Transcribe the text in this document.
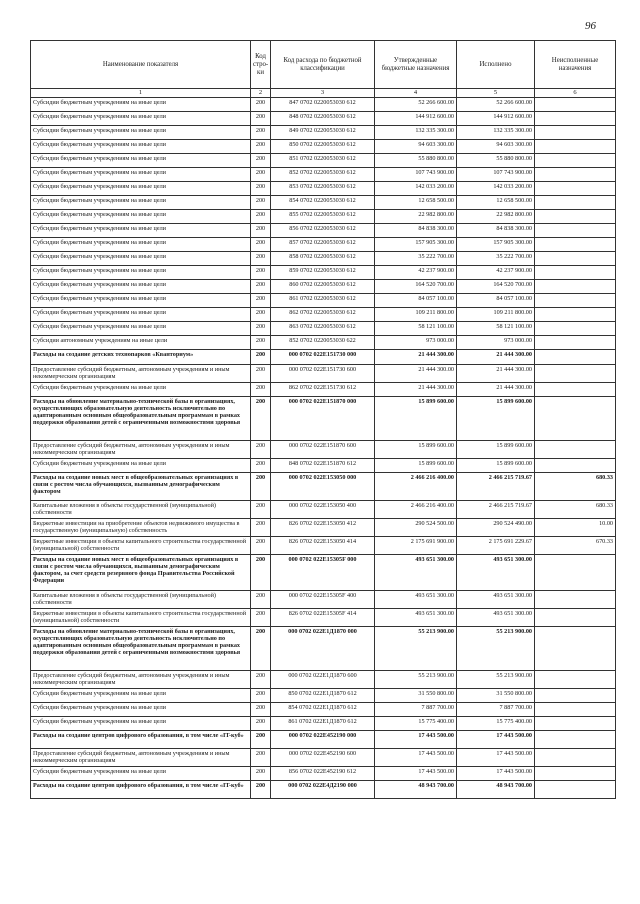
96
Наименование показателя	Код стро-ки	Код расхода по бюджетной классификации	Утвержденные бюджетные назначения	Исполнено	Неисполненные назначения
1	2	3	4	5	6
Субсидии бюджетным учреждениям на иные цели	200	847 0702 0220053030 612	52 266 600.00	52 266 600.00	
Субсидии бюджетным учреждениям на иные цели	200	848 0702 0220053030 612	144 912 600.00	144 912 600.00	
Субсидии бюджетным учреждениям на иные цели	200	849 0702 0220053030 612	132 335 300.00	132 335 300.00	
Субсидии бюджетным учреждениям на иные цели	200	850 0702 0220053030 612	94 603 300.00	94 603 300.00	
Субсидии бюджетным учреждениям на иные цели	200	851 0702 0220053030 612	55 880 800.00	55 880 800.00	
Субсидии бюджетным учреждениям на иные цели	200	852 0702 0220053030 612	107 743 900.00	107 743 900.00	
Субсидии бюджетным учреждениям на иные цели	200	853 0702 0220053030 612	142 033 200.00	142 033 200.00	
Субсидии бюджетным учреждениям на иные цели	200	854 0702 0220053030 612	12 658 500.00	12 658 500.00	
Субсидии бюджетным учреждениям на иные цели	200	855 0702 0220053030 612	22 982 800.00	22 982 800.00	
Субсидии бюджетным учреждениям на иные цели	200	856 0702 0220053030 612	84 838 300.00	84 838 300.00	
Субсидии бюджетным учреждениям на иные цели	200	857 0702 0220053030 612	157 905 300.00	157 905 300.00	
Субсидии бюджетным учреждениям на иные цели	200	858 0702 0220053030 612	35 222 700.00	35 222 700.00	
Субсидии бюджетным учреждениям на иные цели	200	859 0702 0220053030 612	42 237 900.00	42 237 900.00	
Субсидии бюджетным учреждениям на иные цели	200	860 0702 0220053030 612	164 520 700.00	164 520 700.00	
Субсидии бюджетным учреждениям на иные цели	200	861 0702 0220053030 612	84 057 100.00	84 057 100.00	
Субсидии бюджетным учреждениям на иные цели	200	862 0702 0220053030 612	109 211 800.00	109 211 800.00	
Субсидии бюджетным учреждениям на иные цели	200	863 0702 0220053030 612	58 121 100.00	58 121 100.00	
Субсидии автономным учреждениям на иные цели	200	852 0702 0220053030 622	973 000.00	973 000.00	
Расходы на создание детских технопарков «Кванториум»	200	000 0702 022E151730 000	21 444 300.00	21 444 300.00	
Предоставление субсидий бюджетным, автономным учреждениям и иным некоммерческим организациям	200	000 0702 022E151730 600	21 444 300.00	21 444 300.00	
Субсидии бюджетным учреждениям на иные цели	200	862 0702 022E151730 612	21 444 300.00	21 444 300.00	
Расходы на обновление материально-технической базы в организациях, осуществляющих образовательную деятельность исключительно по адаптированным основным общеобразовательным программам в рамках поддержки образования детей с ограниченными возможностями здоровья	200	000 0702 022E151870 000	15 899 600.00	15 899 600.00	
Предоставление субсидий бюджетным, автономным учреждениям и иным некоммерческим организациям	200	000 0702 022E151870 600	15 899 600.00	15 899 600.00	
Субсидии бюджетным учреждениям на иные цели	200	848 0702 022E151870 612	15 899 600.00	15 899 600.00	
Расходы на создание новых мест в общеобразовательных организациях в связи с ростом числа обучающихся, вызванным демографическим фактором	200	000 0702 022E153050 000	2 466 216 400.00	2 466 215 719.67	680.33
Капитальные вложения в объекты государственной (муниципальной) собственности	200	000 0702 022E153050 400	2 466 216 400.00	2 466 215 719.67	680.33
Бюджетные инвестиции на приобретение объектов недвижимого имущества в государственную (муниципальную) собственность	200	826 0702 022E153050 412	290 524 500.00	290 524 490.00	10.00
Бюджетные инвестиции в объекты капитального строительства государственной (муниципальной) собственности	200	826 0702 022E153050 414	2 175 691 900.00	2 175 691 229.67	670.33
Расходы на создание новых мест в общеобразовательных организациях в связи с ростом числа обучающихся, вызванным демографическим фактором, за счет средств резервного фонда Правительства Российской Федерации	200	000 0702 022E15305F 000	493 651 300.00	493 651 300.00	
Капитальные вложения в объекты государственной (муниципальной) собственности	200	000 0702 022E15305F 400	493 651 300.00	493 651 300.00	
Бюджетные инвестиции в объекты капитального строительства государственной (муниципальной) собственности	200	826 0702 022E15305F 414	493 651 300.00	493 651 300.00	
Расходы на обновление материально-технической базы в организациях, осуществляющих образовательную деятельность исключительно по адаптированным основным общеобразовательным программам в рамках поддержки образования детей с ограниченными возможностями здоровья	200	000 0702 022Е1Д1870 000	55 213 900.00	55 213 900.00	
Предоставление субсидий бюджетным, автономным учреждениям и иным некоммерческим организациям	200	000 0702 022Е1Д1870 600	55 213 900.00	55 213 900.00	
Субсидии бюджетным учреждениям на иные цели	200	850 0702 022Е1Д1870 612	31 550 800.00	31 550 800.00	
Субсидии бюджетным учреждениям на иные цели	200	854 0702 022Е1Д1870 612	7 887 700.00	7 887 700.00	
Субсидии бюджетным учреждениям на иные цели	200	861 0702 022Е1Д1870 612	15 775 400.00	15 775 400.00	
Расходы на создание центров цифрового образования, в том числе «IT-куб»	200	000 0702 022E452190 000	17 443 500.00	17 443 500.00	
Предоставление субсидий бюджетным, автономным учреждениям и иным некоммерческим организациям	200	000 0702 022E452190 600	17 443 500.00	17 443 500.00	
Субсидии бюджетным учреждениям на иные цели	200	856 0702 022E452190 612	17 443 500.00	17 443 500.00	
Расходы на создание центров цифрового образования, в том числе «IT-куб»	200	000 0702 022E4Д2190 000	48 943 700.00	48 943 700.00	
